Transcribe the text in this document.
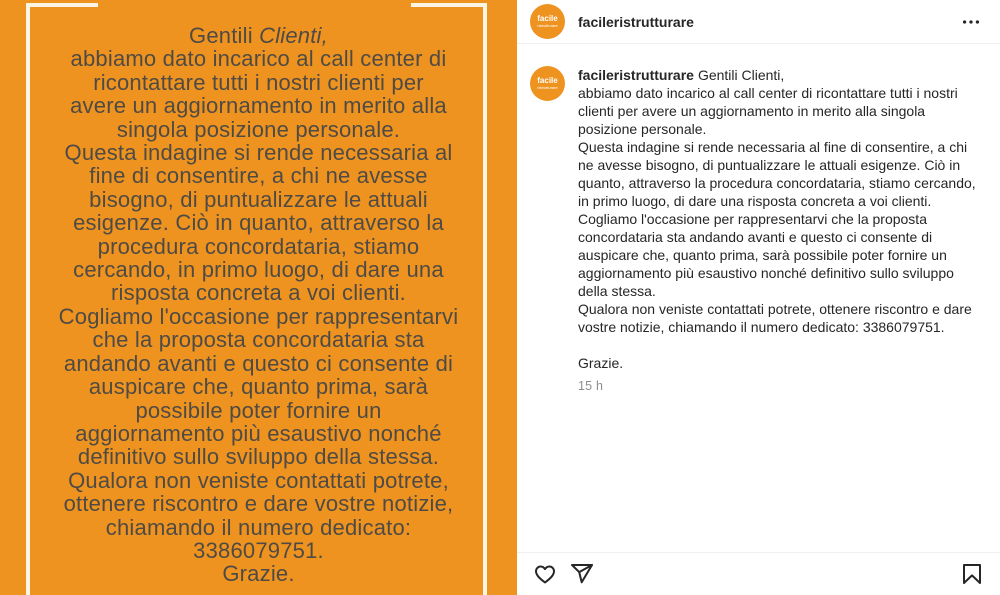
Gentili Clienti,
abbiamo dato incarico al call center di
ricontattare tutti i nostri clienti per
avere un aggiornamento in merito alla
singola posizione personale.
Questa indagine si rende necessaria al
fine di consentire, a chi ne avesse
bisogno, di puntualizzare le attuali
esigenze. Ciò in quanto, attraverso la
procedura concordataria, stiamo
cercando, in primo luogo, di dare una
risposta concreta a voi clienti.
Cogliamo l'occasione per rappresentarvi
che la proposta concordataria sta
andando avanti e questo ci consente di
auspicare che, quanto prima, sarà
possibile poter fornire un
aggiornamento più esaustivo nonché
definitivo sullo sviluppo della stessa.
Qualora non veniste contattati potrete,
ottenere riscontro e dare vostre notizie,
chiamando il numero dedicato:
3386079751.
Grazie.
facile
ristrutturare facileristrutturare
facile
ristrutturare
facileristrutturare Gentili Clienti,
abbiamo dato incarico al call center di ricontattare tutti i nostri clienti per avere un aggiornamento in merito alla singola posizione personale.
Questa indagine si rende necessaria al fine di consentire, a chi ne avesse bisogno, di puntualizzare le attuali esigenze. Ciò in quanto, attraverso la procedura concordataria, stiamo cercando, in primo luogo, di dare una risposta concreta a voi clienti.
Cogliamo l'occasione per rappresentarvi che la proposta concordataria sta andando avanti e questo ci consente di auspicare che, quanto prima, sarà possibile poter fornire un aggiornamento più esaustivo nonché definitivo sullo sviluppo della stessa.
Qualora non veniste contattati potrete, ottenere riscontro e dare vostre notizie, chiamando il numero dedicato: 3386079751.

Grazie.
15 h
